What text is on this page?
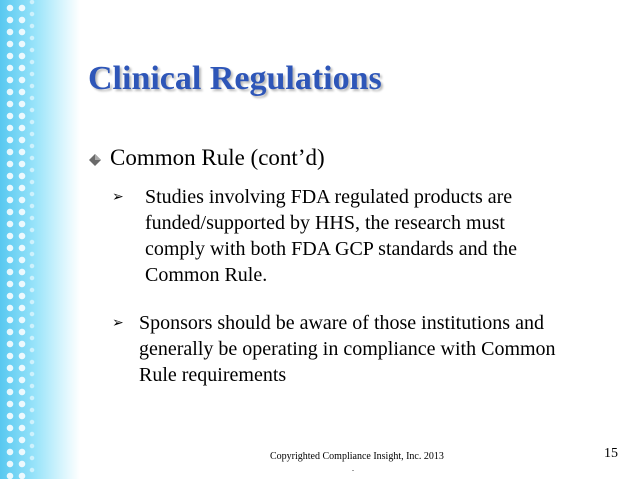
Clinical Regulations
Common Rule (cont’d)
➢ Studies involving FDA regulated products are
funded/supported by HHS, the research must
comply with both FDA GCP standards and the
Common Rule.
➢ Sponsors should be aware of those institutions and
generally be operating in compliance with Common
Rule requirements
Copyrighted Compliance Insight, Inc. 2013	15
.
